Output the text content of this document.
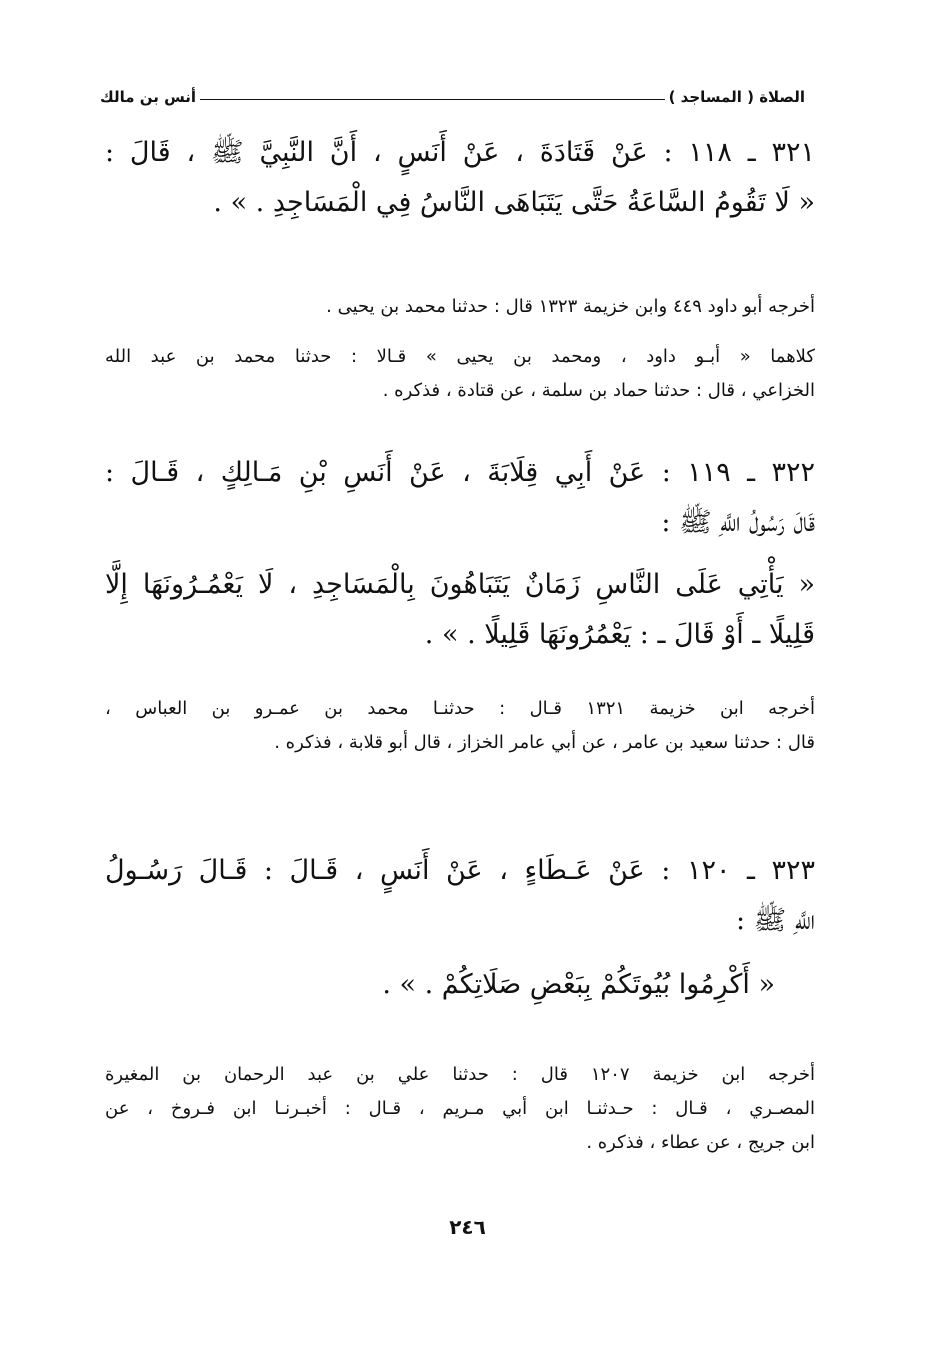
الصلاة ( المساجد )
أنس بن مالك
٣٢١ ـ ١١٨ : عَنْ قَتَادَةَ ، عَنْ أَنَسٍ ، أَنَّ النَّبِيَّ ﷺ ، قَالَ :
« لَا تَقُومُ السَّاعَةُ حَتَّى يَتَبَاهَى النَّاسُ فِي الْمَسَاجِدِ . » .
أخرجه أبو داود ٤٤٩ وابن خزيمة ١٣٢٣ قال : حدثنا محمد بن يحيى .
كلاهما « أبـو داود ، ومحمد بن يحيى » قـالا : حدثنا محمد بن عبد الله
الخزاعي ، قال : حدثنا حماد بن سلمة ، عن قتادة ، فذكره .
٣٢٢ ـ ١١٩ : عَنْ أَبِي قِلَابَةَ ، عَنْ أَنَسِ بْنِ مَـالِكٍ ، قَـالَ :
قَالَ رَسُولُ اللَّهِ ﷺ :
« يَأْتِي عَلَى النَّاسِ زَمَانٌ يَتَبَاهُونَ بِالْمَسَاجِدِ ، لَا يَعْمُـرُونَهَا إِلَّا
قَلِيلًا ـ أَوْ قَالَ ـ : يَعْمُرُونَهَا قَلِيلًا . » .
أخرجه ابن خزيمة ١٣٢١ قـال : حدثنـا محمد بن عمـرو بن العباس ،
قال : حدثنا سعيد بن عامر ، عن أبي عامر الخزاز ، قال أبو قلابة ، فذكره .
٣٢٣ ـ ١٢٠ : عَنْ عَـطَاءٍ ، عَنْ أَنَسٍ ، قَـالَ : قَـالَ رَسُـولُ
اللَّهِ ﷺ :
« أَكْرِمُوا بُيُوتَكُمْ بِبَعْضِ صَلَاتِكُمْ . » .
أخرجه ابن خزيمة ١٢٠٧ قال : حدثنا علي بن عبد الرحمان بن المغيرة
المصـري ، قـال : حـدثنـا ابن أبي مـريم ، قـال : أخبـرنـا ابن فـروخ ، عن
ابن جريج ، عن عطاء ، فذكره .
٢٤٦
